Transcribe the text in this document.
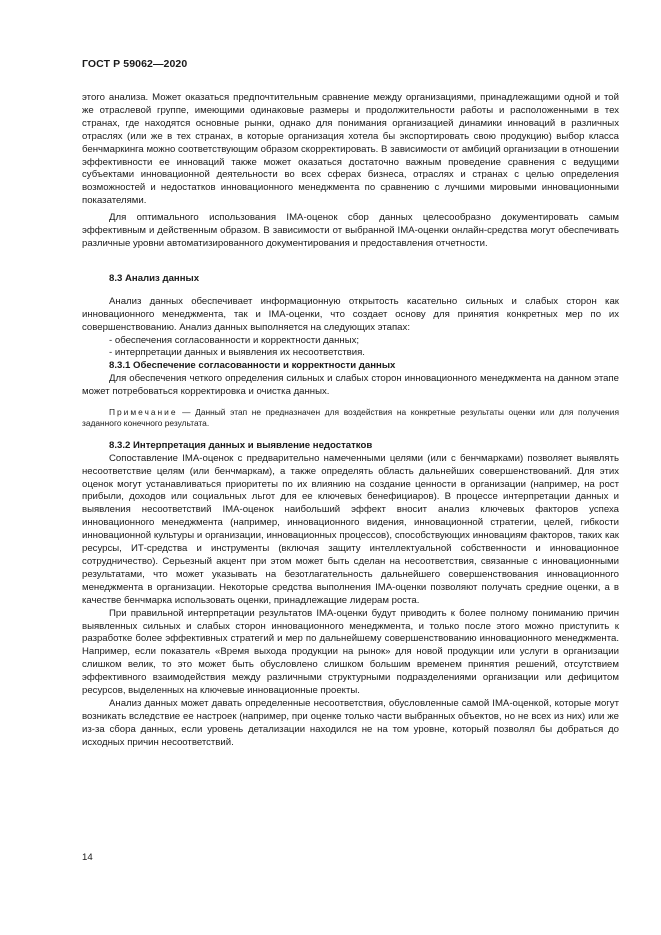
ГОСТ Р 59062—2020

этого анализа. Может оказаться предпочтительным сравнение между организациями, принадлежащими одной и той же отраслевой группе, имеющими одинаковые размеры и продолжительности работы и расположенными в тех странах, где находятся основные рынки, однако для понимания организацией динамики инноваций в различных отраслях (или же в тех странах, в которые организация хотела бы экспортировать свою продукцию) выбор класса бенчмаркинга можно соответствующим образом скорректировать. В зависимости от амбиций организации в отношении эффективности ее инноваций также может оказаться достаточно важным проведение сравнения с ведущими субъектами инновационной деятельности во всех сферах бизнеса, отраслях и странах с целью определения возможностей и недостатков инновационного менеджмента по сравнению с лучшими мировыми инновационными показателями.

Для оптимального использования IMA-оценок сбор данных целесообразно документировать самым эффективным и действенным образом. В зависимости от выбранной IMA-оценки онлайн-средства могут обеспечивать различные уровни автоматизированного документирования и предоставления отчетности.

8.3 Анализ данных

Анализ данных обеспечивает информационную открытость касательно сильных и слабых сторон как инновационного менеджмента, так и IMA-оценки, что создает основу для принятия конкретных мер по их совершенствованию. Анализ данных выполняется на следующих этапах:

- обеспечения согласованности и корректности данных;

- интерпретации данных и выявления их несоответствия.

8.3.1 Обеспечение согласованности и корректности данных

Для обеспечения четкого определения сильных и слабых сторон инновационного менеджмента на данном этапе может потребоваться корректировка и очистка данных.

Примечание — Данный этап не предназначен для воздействия на конкретные результаты оценки или для получения заданного конечного результата.

8.3.2 Интерпретация данных и выявление недостатков

Сопоставление IMA-оценок с предварительно намеченными целями (или с бенчмарками) позволяет выявлять несоответствие целям (или бенчмаркам), а также определять область дальнейших совершенствований. Для этих оценок могут устанавливаться приоритеты по их влиянию на создание ценности в организации (например, на рост прибыли, доходов или социальных льгот для ее ключевых бенефициаров). В процессе интерпретации данных и выявления несоответствий IMA-оценок наибольший эффект вносит анализ ключевых факторов успеха инновационного менеджмента (например, инновационного видения, инновационной стратегии, целей, гибкости инновационной культуры и организации, инновационных процессов), способствующих инновациям факторов, таких как ресурсы, ИТ-средства и инструменты (включая защиту интеллектуальной собственности и инновационное сотрудничество). Серьезный акцент при этом может быть сделан на несоответствия, связанные с инновационными результатами, что может указывать на безотлагательность дальнейшего совершенствования инновационного менеджмента в организации. Некоторые средства выполнения IMA-оценки позволяют получать средние оценки, а в качестве бенчмарка использовать оценки, принадлежащие лидерам роста.

При правильной интерпретации результатов IMA-оценки будут приводить к более полному пониманию причин выявленных сильных и слабых сторон инновационного менеджмента, и только после этого можно приступить к разработке более эффективных стратегий и мер по дальнейшему совершенствованию инновационного менеджмента. Например, если показатель «Время выхода продукции на рынок» для новой продукции или услуги в организации слишком велик, то это может быть обусловлено слишком большим временем принятия решений, отсутствием эффективного взаимодействия между различными структурными подразделениями организации или дефицитом ресурсов, выделенных на ключевые инновационные проекты.

Анализ данных может давать определенные несоответствия, обусловленные самой IMA-оценкой, которые могут возникать вследствие ее настроек (например, при оценке только части выбранных объектов, но не всех из них) или же из-за сбора данных, если уровень детализации находился не на том уровне, который позволял бы добраться до исходных причин несоответствий.

14
